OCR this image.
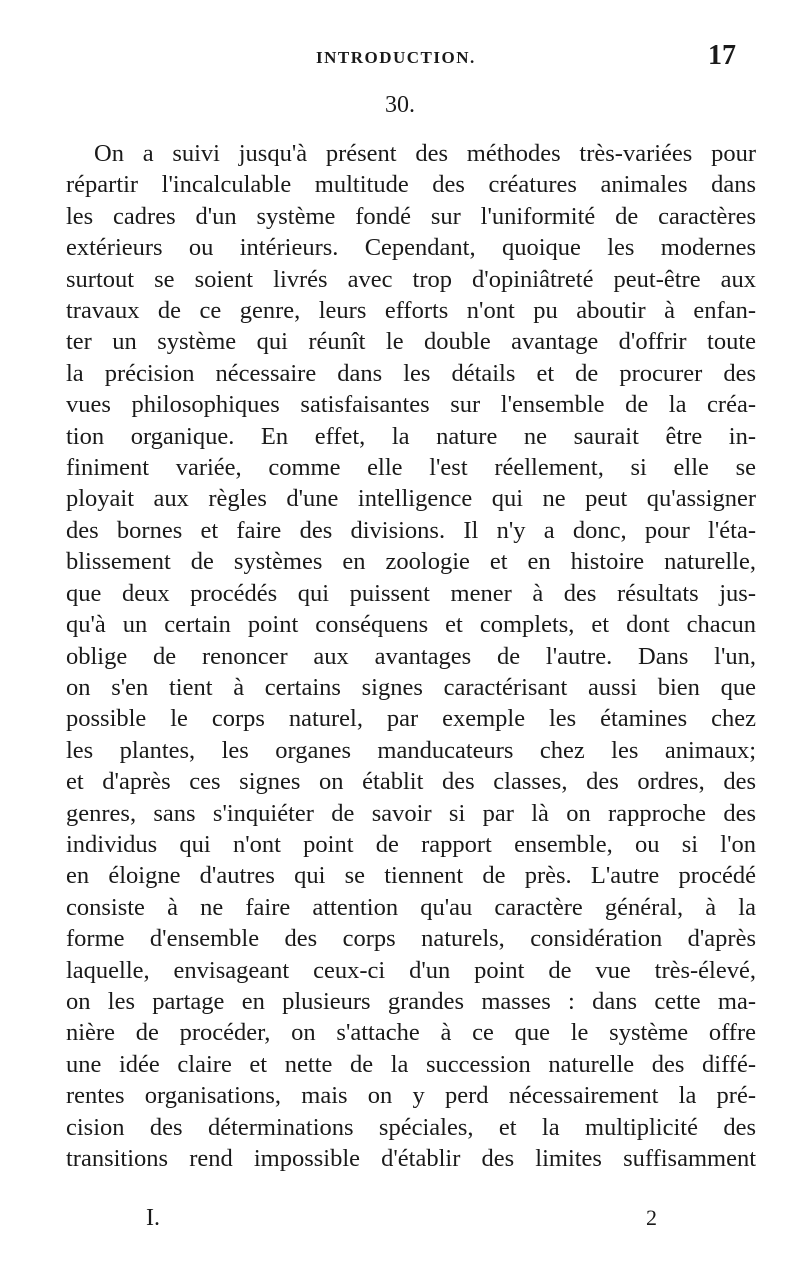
INTRODUCTION.	17
30.
On a suivi jusqu'à présent des méthodes très-variées pour
répartir l'incalculable multitude des créatures animales dans
les cadres d'un système fondé sur l'uniformité de caractères
extérieurs ou intérieurs. Cependant, quoique les modernes
surtout se soient livrés avec trop d'opiniâtreté peut-être aux
travaux de ce genre, leurs efforts n'ont pu aboutir à enfan-
ter un système qui réunît le double avantage d'offrir toute
la précision nécessaire dans les détails et de procurer des
vues philosophiques satisfaisantes sur l'ensemble de la créa-
tion organique. En effet, la nature ne saurait être in-
finiment variée, comme elle l'est réellement, si elle se
ployait aux règles d'une intelligence qui ne peut qu'assigner
des bornes et faire des divisions. Il n'y a donc, pour l'éta-
blissement de systèmes en zoologie et en histoire naturelle,
que deux procédés qui puissent mener à des résultats jus-
qu'à un certain point conséquens et complets, et dont chacun
oblige de renoncer aux avantages de l'autre. Dans l'un,
on s'en tient à certains signes caractérisant aussi bien que
possible le corps naturel, par exemple les étamines chez
les plantes, les organes manducateurs chez les animaux;
et d'après ces signes on établit des classes, des ordres, des
genres, sans s'inquiéter de savoir si par là on rapproche des
individus qui n'ont point de rapport ensemble, ou si l'on
en éloigne d'autres qui se tiennent de près. L'autre procédé
consiste à ne faire attention qu'au caractère général, à la
forme d'ensemble des corps naturels, considération d'après
laquelle, envisageant ceux-ci d'un point de vue très-élevé,
on les partage en plusieurs grandes masses : dans cette ma-
nière de procéder, on s'attache à ce que le système offre
une idée claire et nette de la succession naturelle des diffé-
rentes organisations, mais on y perd nécessairement la pré-
cision des déterminations spéciales, et la multiplicité des
transitions rend impossible d'établir des limites suffisamment
I.	2
